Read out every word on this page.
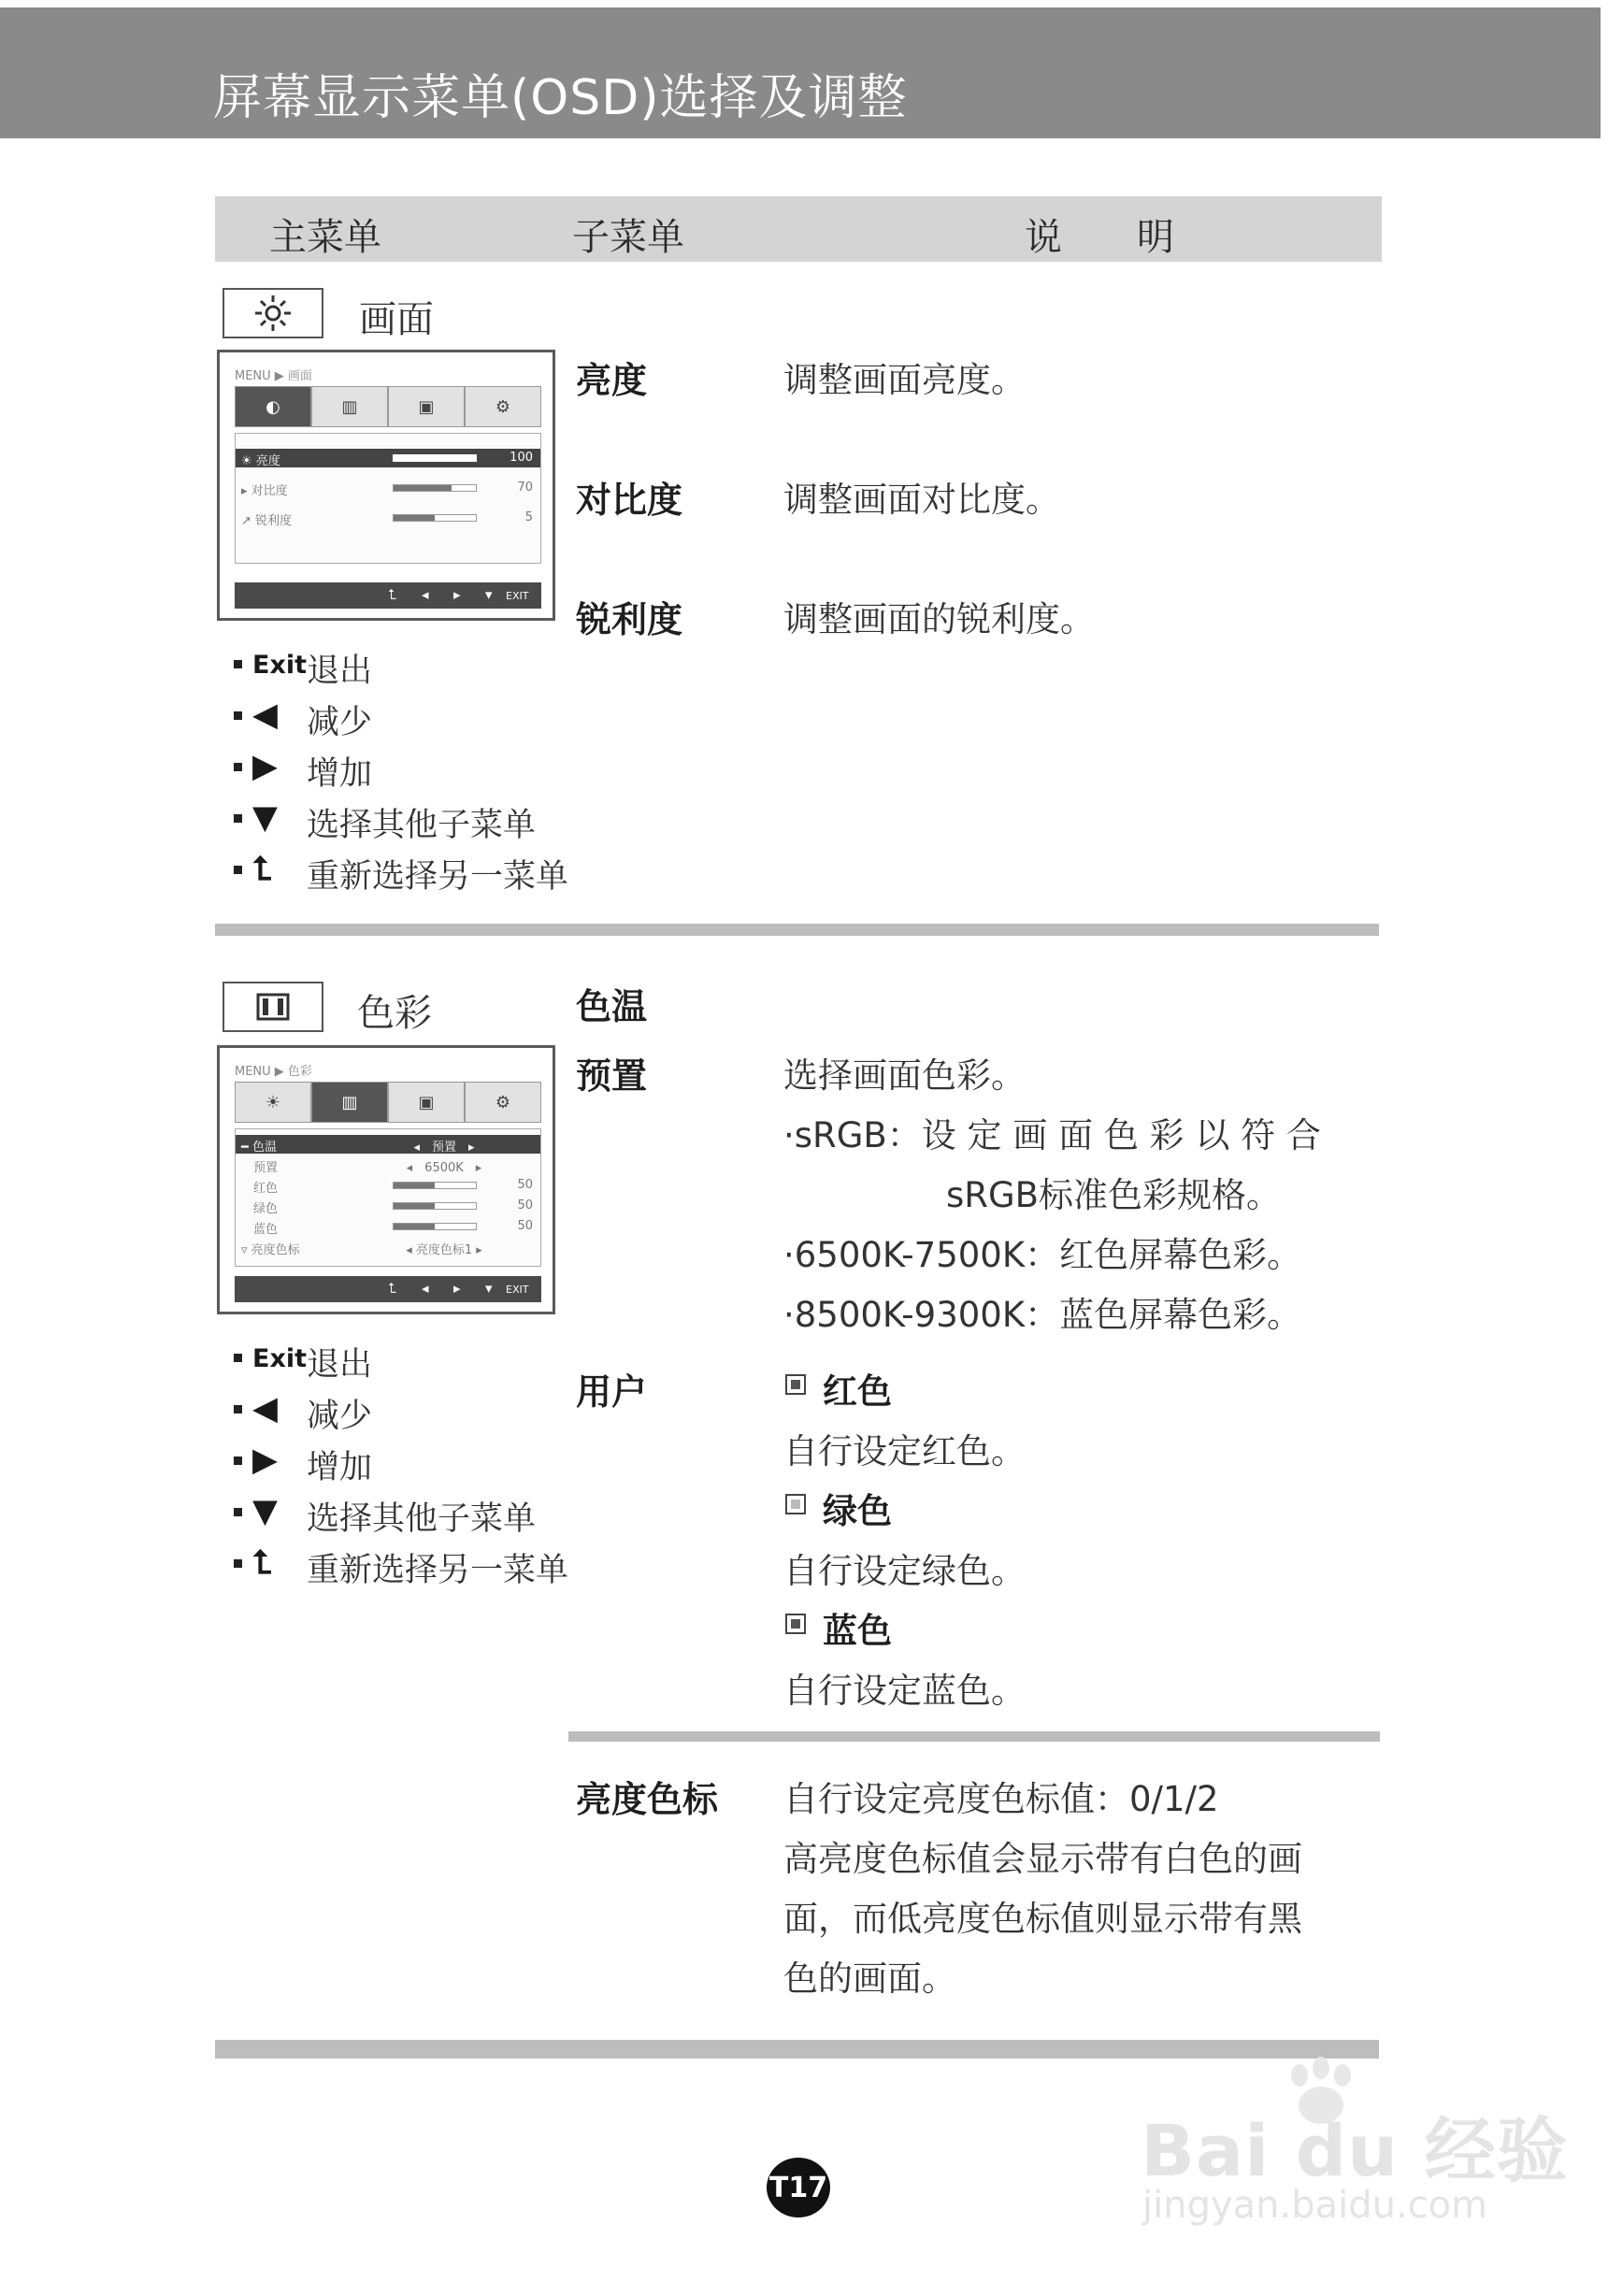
屏幕显示菜单(OSD)选择及调整
主菜单	子菜单	说　　明
画面
MENU ▶ 画面
◐	▥	▣	⚙
☀ 亮度	100
▸ 对比度	70
↗ 锐利度	5
⮤ ◂ ▸ ▾ EXIT
Exit 退出
◀ 减少
▶ 增加
▼ 选择其他子菜单
⮤ 重新选择另一菜单
亮度	调整画面亮度。
对比度	调整画面对比度。
锐利度	调整画面的锐利度。
色彩
MENU ▶ 色彩
☀	▥	▣	⚙
━ 色温	◂　预置　▸
　预置	◂　6500K　▸
　红色	50
　绿色	50
　蓝色	50
▿ 亮度色标	◂ 亮度色标1 ▸
⮤ ◂ ▸ ▾ EXIT
Exit 退出
◀ 减少
▶ 增加
▼ 选择其他子菜单
⮤ 重新选择另一菜单
色温
预置	选择画面色彩。
·sRGB：设 定 画 面 色 彩 以 符 合
sRGB标准色彩规格。
·6500K-7500K：红色屏幕色彩。
·8500K-9300K：蓝色屏幕色彩。
用户	红色
自行设定红色。
绿色
自行设定绿色。
蓝色
自行设定蓝色。
亮度色标 自行设定亮度色标值：0/1/2
高亮度色标值会显示带有白色的画
面，而低亮度色标值则显示带有黑
色的画面。
T17	Bai du 经验
jingyan.baidu.com
